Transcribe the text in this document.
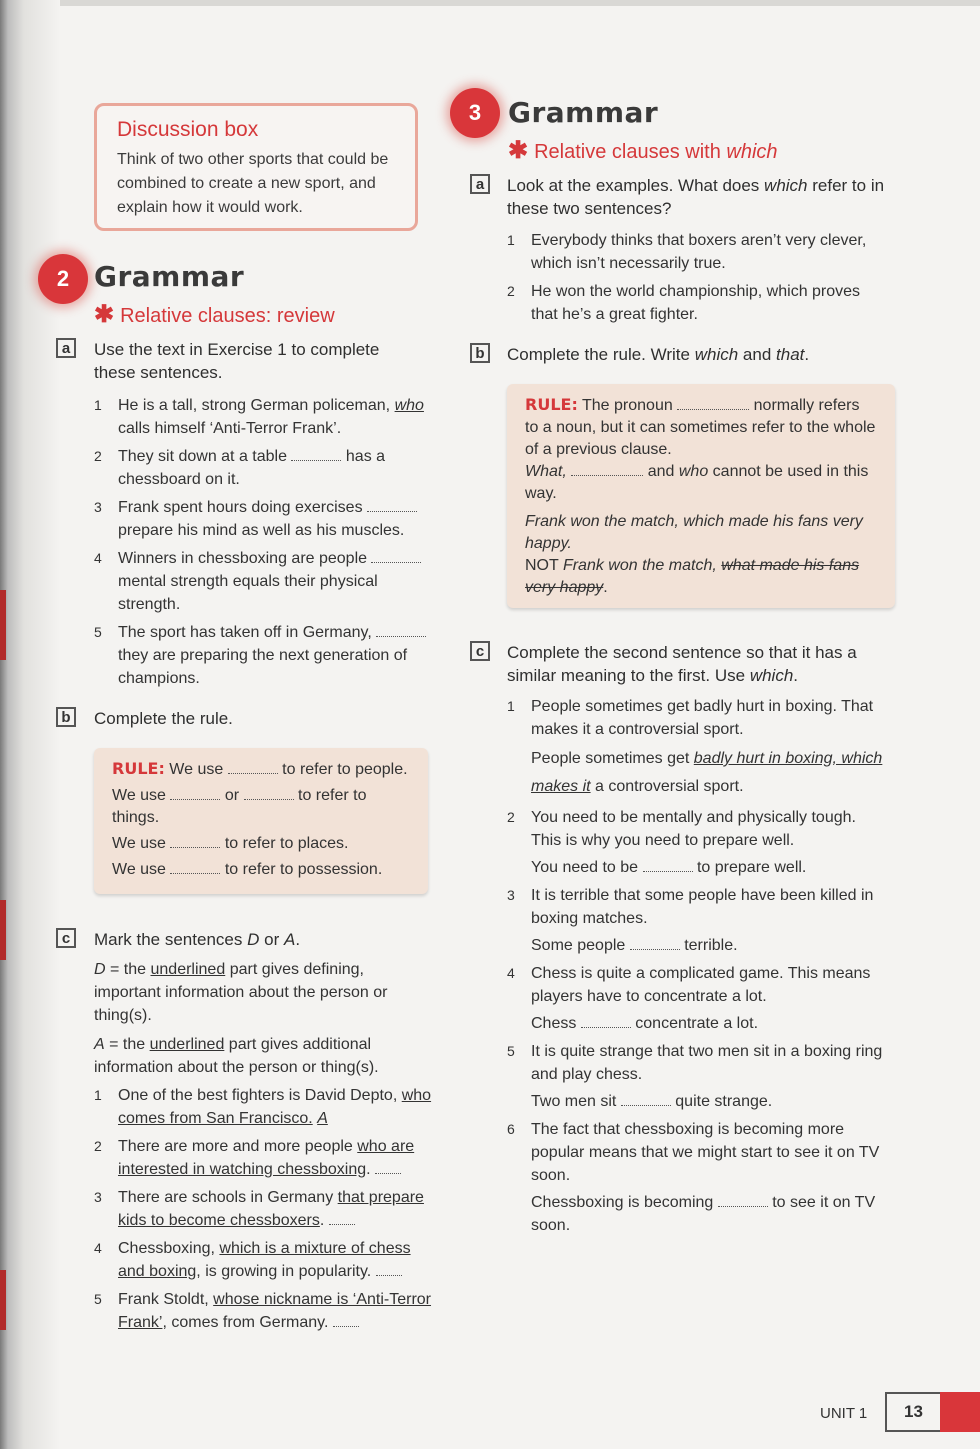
Discussion box

Think of two other sports that could be combined to create a new sport, and explain how it would work.

2 Grammar
✱ Relative clauses: review
a	Use the text in Exercise 1 to complete these sentences.
1 He is a tall, strong German policeman, who calls himself ‘Anti-Terror Frank’.
2 They sit down at a table	has a chessboard on it.
3 Frank spent hours doing exercises  prepare his mind as well as his muscles.
4 Winners in chessboxing are people  mental strength equals their physical strength.
5 The sport has taken off in Germany,  they are preparing the next generation of champions.
b	Complete the rule.

RULE: We use	to refer to people.

We use	or	to refer to things.

We use	to refer to places.

We use	to refer to possession.

c	Mark the sentences D or A.

D = the underlined part gives defining, important information about the person or thing(s).

A = the underlined part gives additional information about the person or thing(s).

1 One of the best fighters is David Depto, who comes from San Francisco. A
2 There are more and more people who are interested in watching chessboxing.
3 There are schools in Germany that prepare kids to become chessboxers.
4 Chessboxing, which is a mixture of chess and boxing, is growing in popularity.
5 Frank Stoldt, whose nickname is ‘Anti-Terror Frank’, comes from Germany.
3 Grammar
✱ Relative clauses with which
a	Look at the examples. What does which refer to in these two sentences?
1 Everybody thinks that boxers aren’t very clever, which isn’t necessarily true.
2 He won the world championship, which proves that he’s a great fighter.
b	Complete the rule. Write which and that.

RULE: The pronoun	normally refers to a noun, but it can sometimes refer to the whole of a previous clause.

What,	and who cannot be used in this way.

Frank won the match, which made his fans very happy.

NOT Frank won the match, what made his fans very happy.

c	Complete the second sentence so that it has a similar meaning to the first. Use which.
1 People sometimes get badly hurt in boxing. That makes it a controversial sport.

People sometimes get badly hurt in boxing, which makes it a controversial sport.
2 You need to be mentally and physically tough. This is why you need to prepare well.

You need to be	to prepare well.
3 It is terrible that some people have been killed in boxing matches.

Some people	terrible.
4 Chess is quite a complicated game. This means players have to concentrate a lot.

Chess	concentrate a lot.
5 It is quite strange that two men sit in a boxing ring and play chess.

Two men sit	quite strange.
6 The fact that chessboxing is becoming more popular means that we might start to see it on TV soon.

Chessboxing is becoming	to see it on TV soon.
UNIT 1	13
